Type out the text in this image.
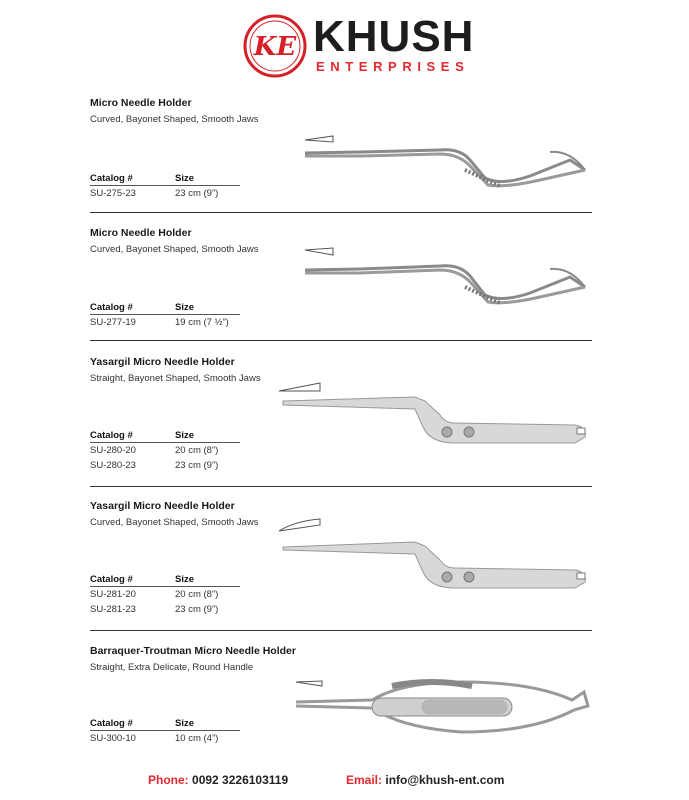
KE KHUSH
ENTERPRISES
Micro Needle Holder
Curved, Bayonet Shaped, Smooth Jaws
Catalog #	Size
SU-275-23	23 cm (9”)
Micro Needle Holder
Curved, Bayonet Shaped, Smooth Jaws
Catalog #	Size
SU-277-19	19 cm (7 ½”)
Yasargil Micro Needle Holder
Straight, Bayonet Shaped, Smooth Jaws
Catalog #	Size
SU-280-20	20 cm (8”)
SU-280-23	23 cm (9”)
Yasargil Micro Needle Holder
Curved, Bayonet Shaped, Smooth Jaws
Catalog #	Size
SU-281-20	20 cm (8”)
SU-281-23	23 cm (9”)
Barraquer-Troutman Micro Needle Holder
Straight, Extra Delicate, Round Handle
Catalog #	Size
SU-300-10	10 cm (4”)
Phone: 0092 3226103119	Email: info@khush-ent.com
